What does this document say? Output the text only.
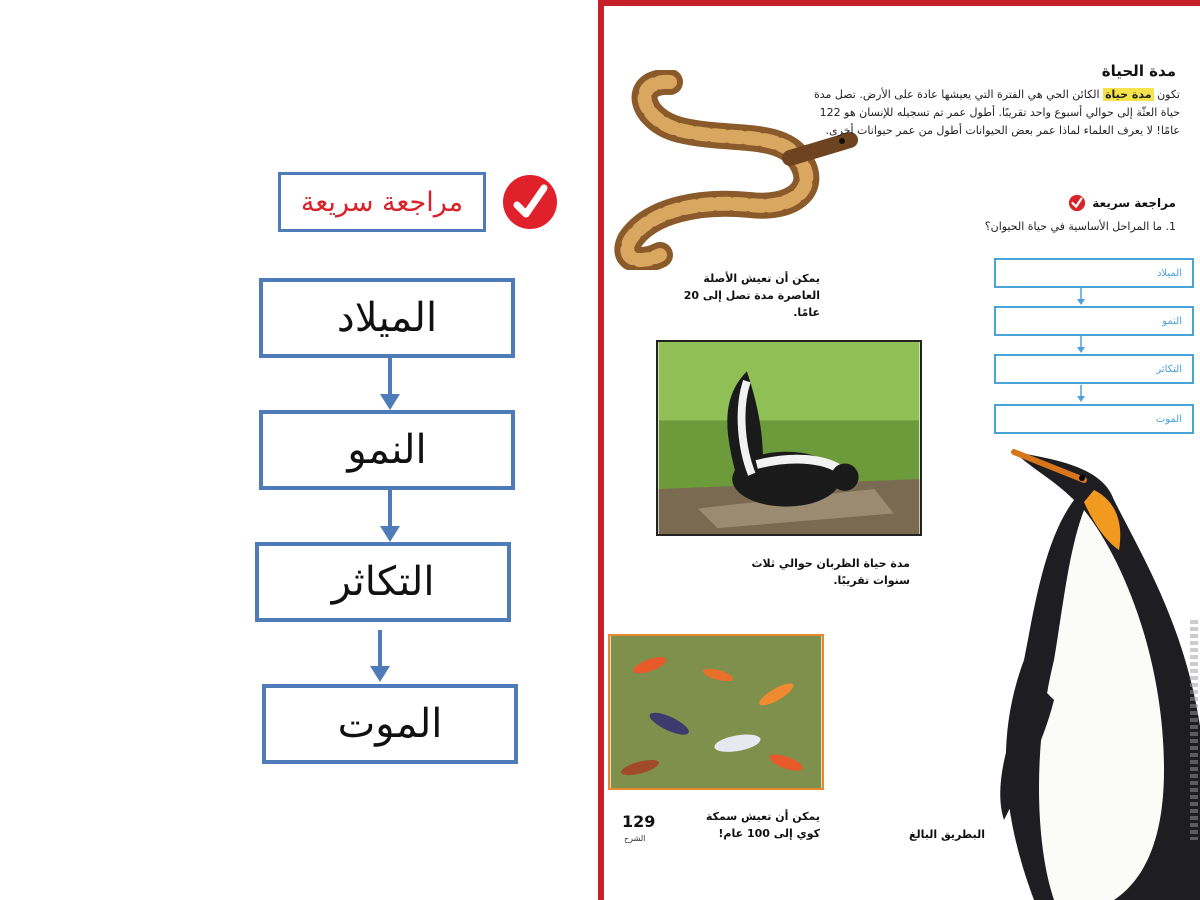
مراجعة سريعة
الميلاد
النمو
التكاثر
الموت
مدة الحياة
تكون مدة حياة الكائن الحي هي الفترة التي يعيشها عادة على الأرض. تصل مدة حياة العثّة إلى حوالي أسبوع واحد تقريبًا. أطول عمر تم تسجيله للإنسان هو 122 عامًا! لا يعرف العلماء لماذا عمر بعض الحيوانات أطول من عمر حيوانات أخرى.
مراجعة سريعة
1. ما المراحل الأساسية في حياة الحيوان؟
الميلاد
النمو
التكاثر
الموت
يمكن أن تعيش الأصلة العاصرة مدة تصل إلى 20 عامًا.
مدة حياة الظربان حوالي ثلاث سنوات تقريبًا.
يمكن أن تعيش سمكة كوي إلى 100 عام!	البطريق البالغ
129
الشرح
